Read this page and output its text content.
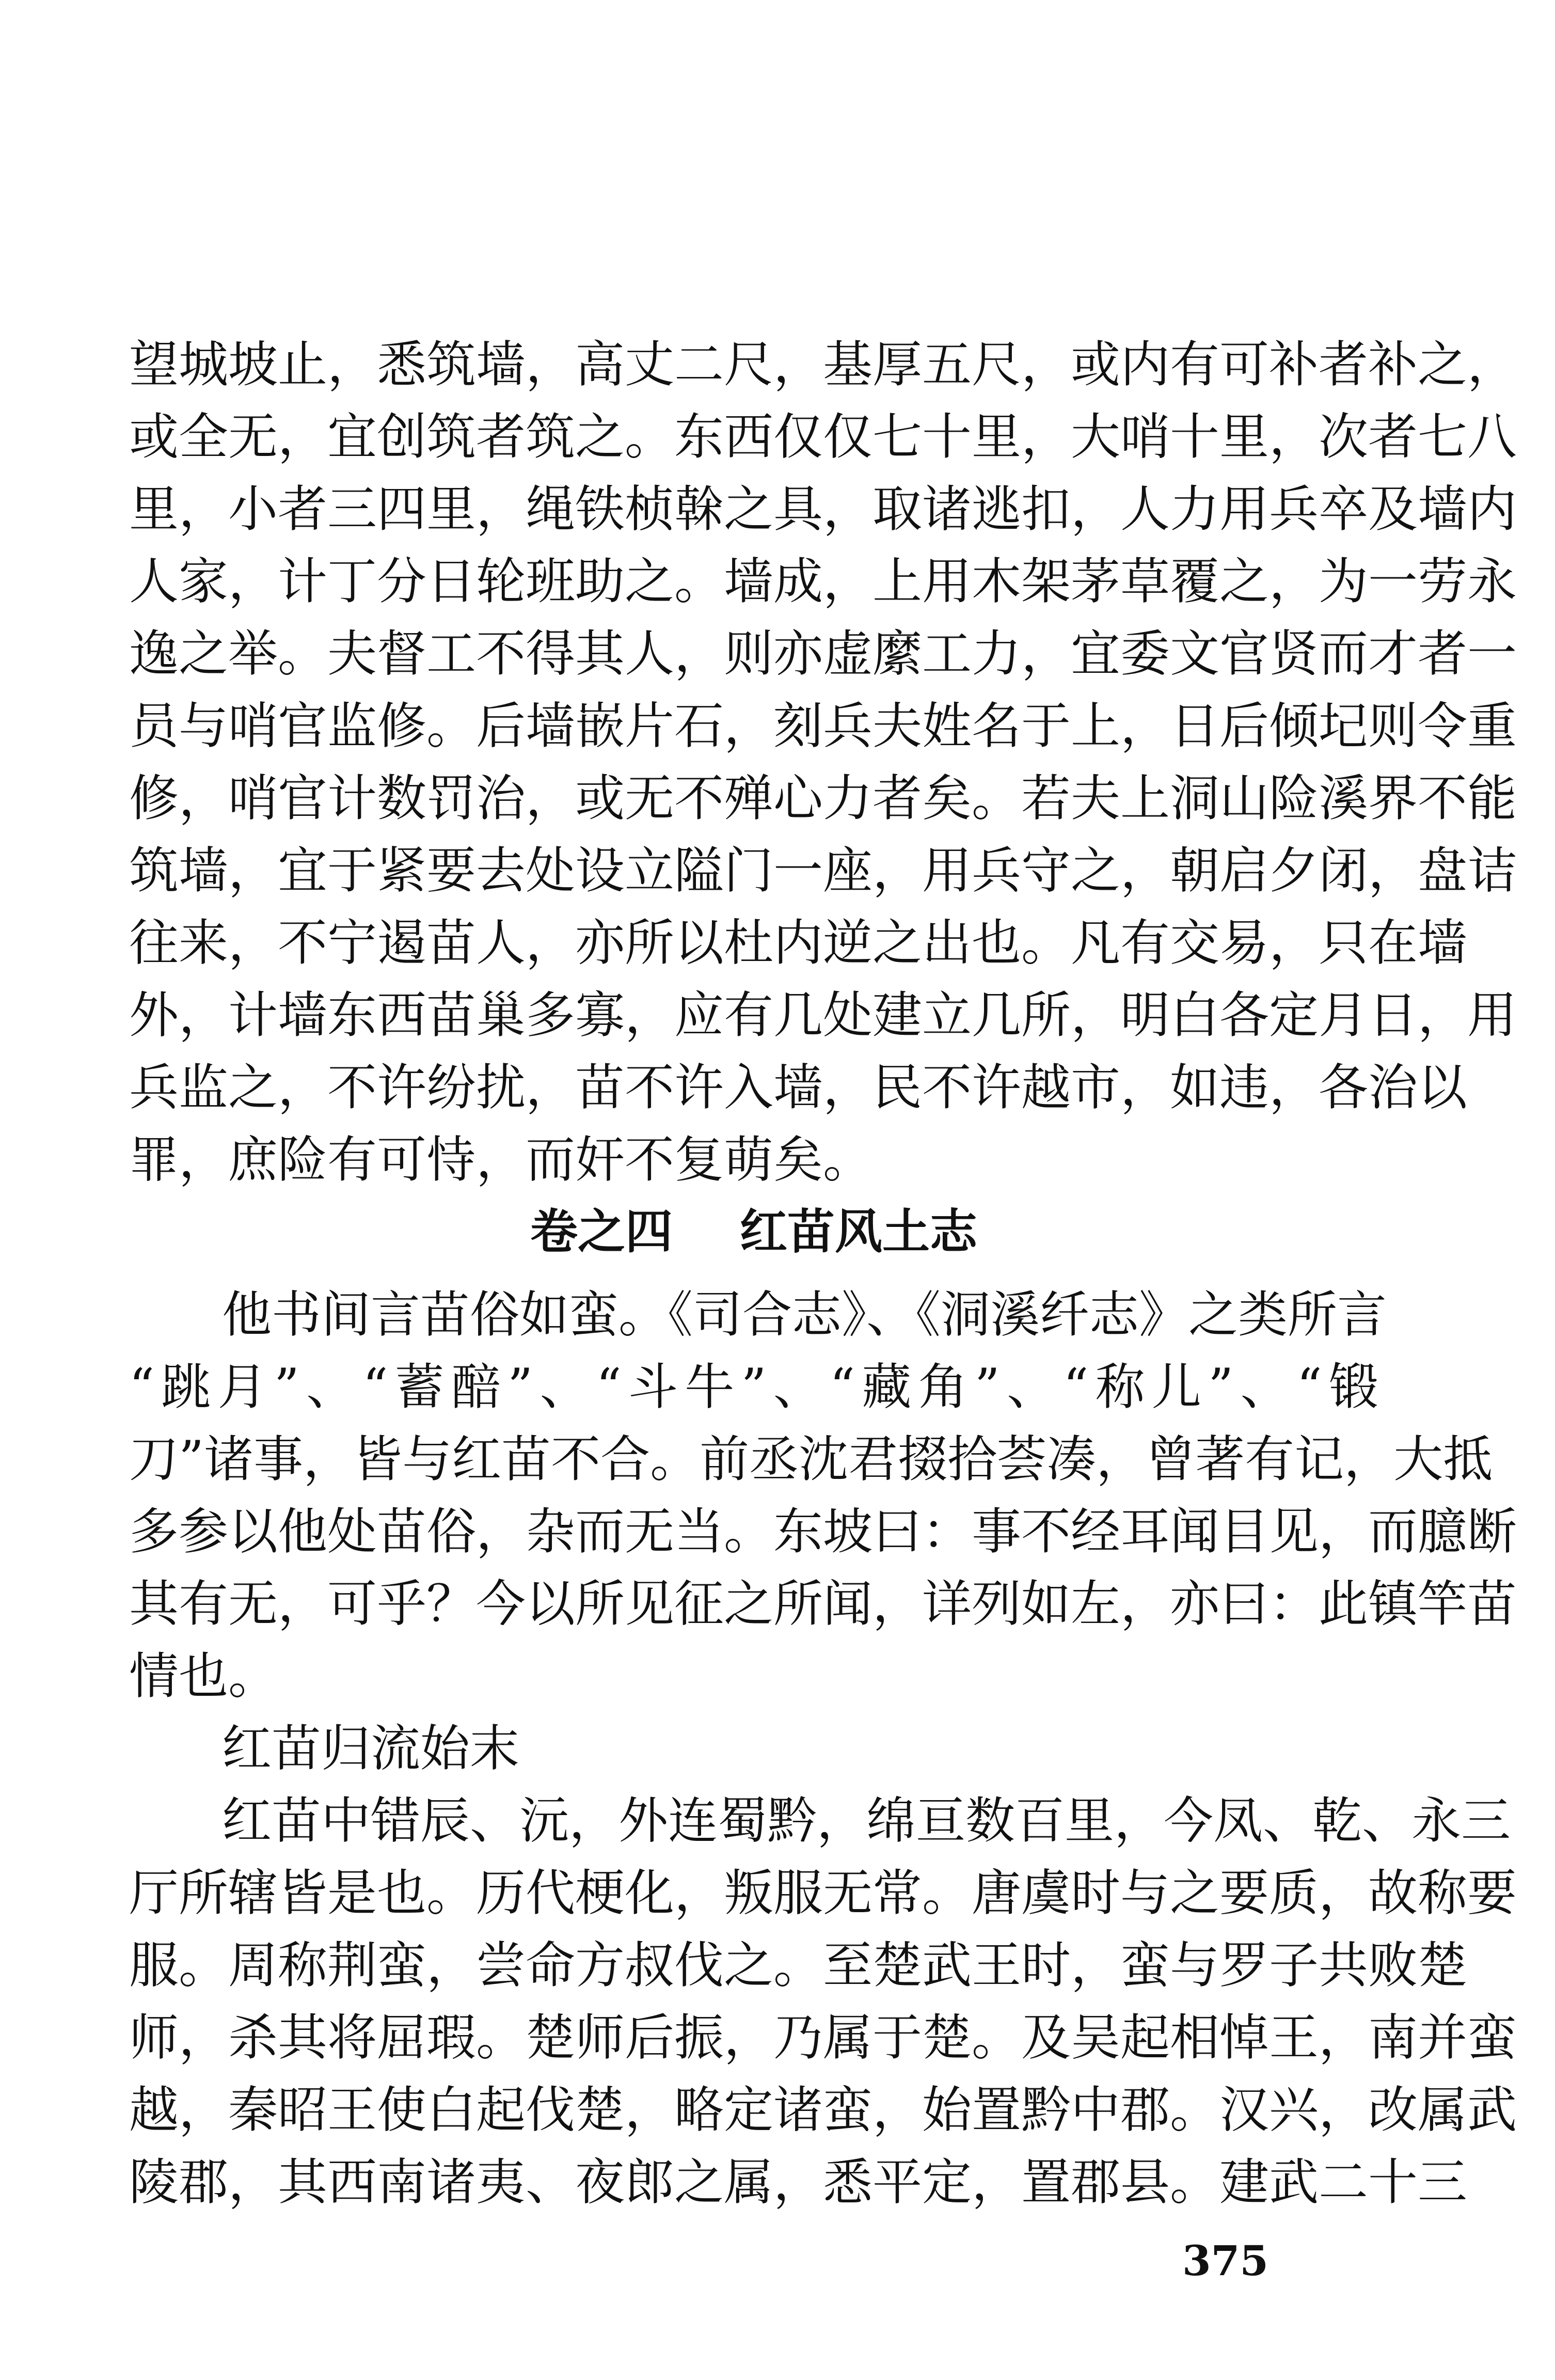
望城坡止，悉筑墙，高丈二尺，基厚五尺，或内有可补者补之，
或全无，宜创筑者筑之。东西仅仅七十里，大哨十里，次者七八
里，小者三四里，绳铁桢榦之具，取诸逃扣，人力用兵卒及墙内
人家，计丁分日轮班助之。墙成，上用木架茅草覆之，为一劳永
逸之举。夫督工不得其人，则亦虚縻工力，宜委文官贤而才者一
员与哨官监修。后墙嵌片石，刻兵夫姓名于上，日后倾圮则令重
修，哨官计数罚治，或无不殚心力者矣。若夫上洞山险溪界不能
筑墙，宜于紧要去处设立隘门一座，用兵守之，朝启夕闭，盘诘
往来，不宁遏苗人，亦所以杜内逆之出也。凡有交易，只在墙
外，计墙东西苗巢多寡，应有几处建立几所，明白各定月日，用
兵监之，不许纷扰，苗不许入墙，民不许越市，如违，各治以
罪，庶险有可恃，而奸不复萌矣。
卷之四 红苗风土志
他书间言苗俗如蛮。《司合志》、《洞溪纤志》之类所言
“跳月”、“蓄醅”、“斗牛”、“藏角”、“称儿”、“锻
刀”诸事，皆与红苗不合。前丞沈君掇拾荟凑，曾著有记，大抵
多参以他处苗俗，杂而无当。东坡曰：事不经耳闻目见，而臆断
其有无，可乎？今以所见征之所闻，详列如左，亦曰：此镇竿苗
情也。
红苗归流始末
红苗中错辰、沅，外连蜀黔，绵亘数百里，今凤、乾、永三
厅所辖皆是也。历代梗化，叛服无常。唐虞时与之要质，故称要
服。周称荆蛮，尝命方叔伐之。至楚武王时，蛮与罗子共败楚
师，杀其将屈瑕。楚师后振，乃属于楚。及吴起相悼王，南并蛮
越，秦昭王使白起伐楚，略定诸蛮，始置黔中郡。汉兴，改属武
陵郡，其西南诸夷、夜郎之属，悉平定，置郡县。建武二十三
375
